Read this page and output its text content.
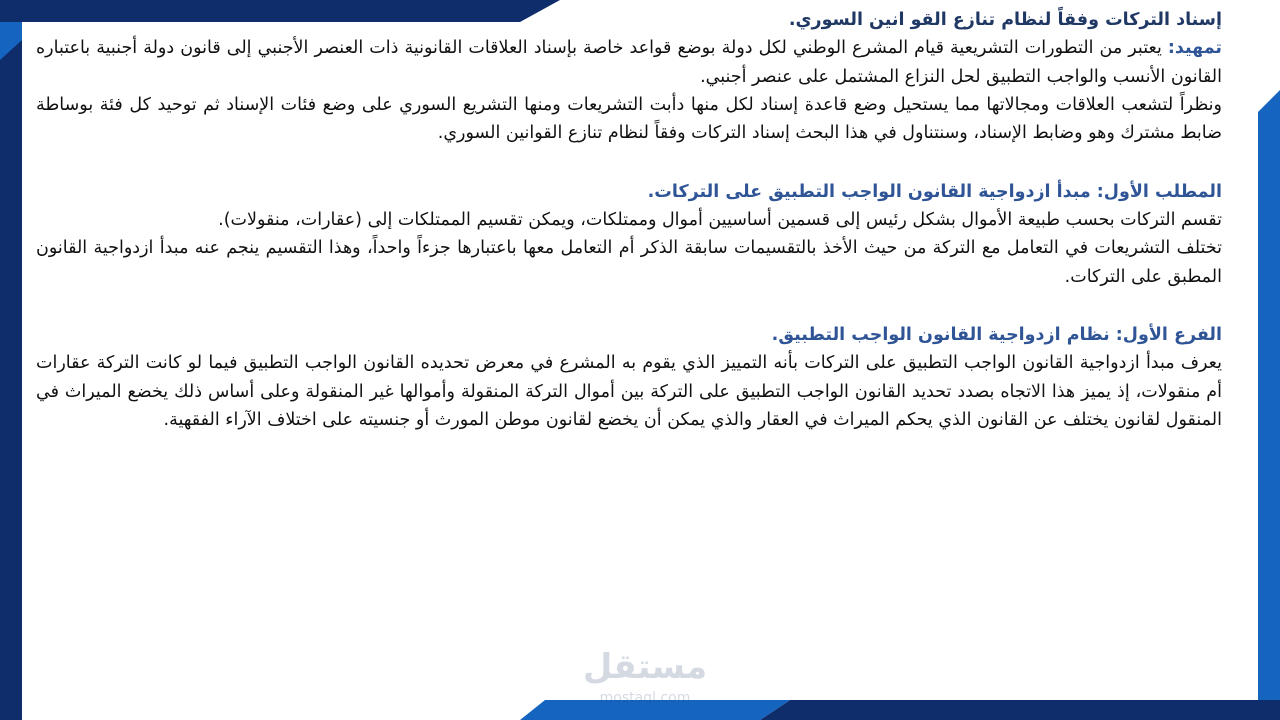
إسناد التركات وفقاً لنظام تنازع القو انين السوري.

تمهيد: يعتبر من التطورات التشريعية قيام المشرع الوطني لكل دولة بوضع قواعد خاصة بإسناد العلاقات القانونية ذات العنصر الأجنبي إلى قانون دولة أجنبية باعتباره القانون الأنسب والواجب التطبيق لحل النزاع المشتمل على عنصر أجنبي.

ونظراً لتشعب العلاقات ومجالاتها مما يستحيل وضع قاعدة إسناد لكل منها دأبت التشريعات ومنها التشريع السوري على وضع فئات الإسناد ثم توحيد كل فئة بوساطة ضابط مشترك وهو وضابط الإسناد، وسنتناول في هذا البحث إسناد التركات وفقاً لنظام تنازع القوانين السوري.

المطلب الأول: مبدأ ازدواجية القانون الواجب التطبيق على التركات.

تقسم التركات بحسب طبيعة الأموال بشكل رئيس إلى قسمين أساسيين أموال وممتلكات، ويمكن تقسيم الممتلكات إلى (عقارات، منقولات).

تختلف التشريعات في التعامل مع التركة من حيث الأخذ بالتقسيمات سابقة الذكر أم التعامل معها باعتبارها جزءاً واحداً، وهذا التقسيم ينجم عنه مبدأ ازدواجية القانون المطبق على التركات.

الفرع الأول: نظام ازدواجية القانون الواجب التطبيق.

يعرف مبدأ ازدواجية القانون الواجب التطبيق على التركات بأنه التمييز الذي يقوم به المشرع في معرض تحديده القانون الواجب التطبيق فيما لو كانت التركة عقارات أم منقولات، إذ يميز هذا الاتجاه بصدد تحديد القانون الواجب التطبيق على التركة بين أموال التركة المنقولة وأموالها غير المنقولة وعلى أساس ذلك يخضع الميراث في المنقول لقانون يختلف عن القانون الذي يحكم الميراث في العقار والذي يمكن أن يخضع لقانون موطن المورث أو جنسيته على اختلاف الآراء الفقهية.

مستقل
mostaql.com
